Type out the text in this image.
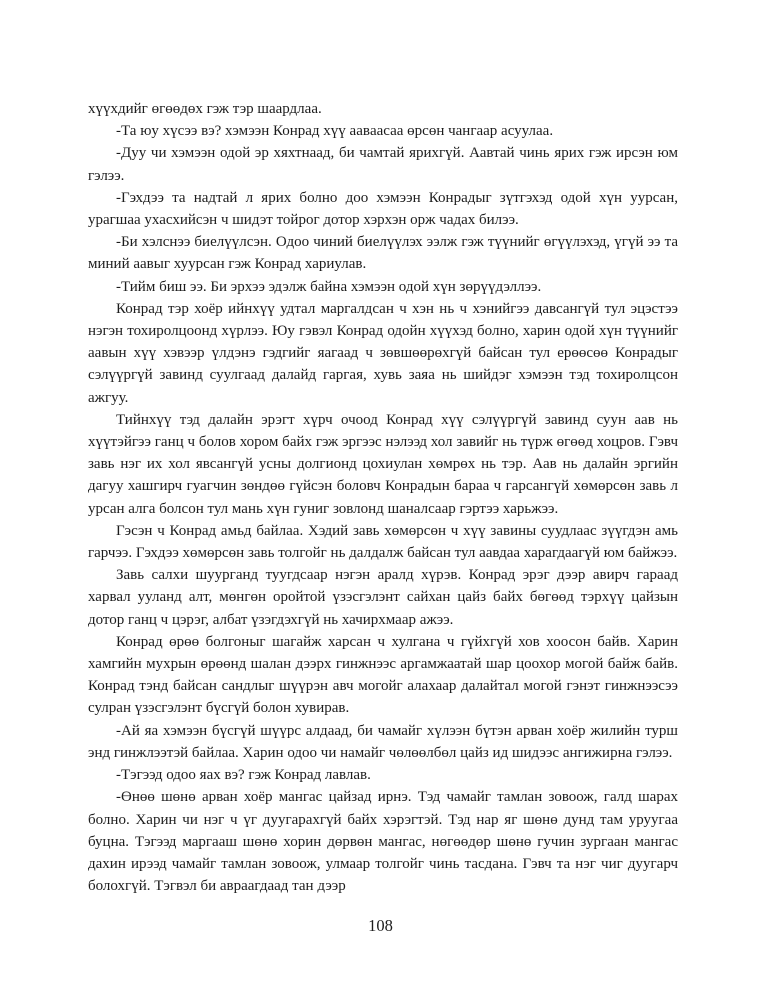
хүүхдийг өгөөдөх гэж тэр шаардлаа.

-Та юу хүсээ вэ? хэмээн Конрад хүү аавaасаа өрсөн чангаар асуулаа.

-Дуу чи хэмээн одой эр хяхтнаад, би чамтай ярихгүй. Аавтай чинь ярих гэж ирсэн юм гэлээ.

-Гэхдээ та надтай л ярих болно доо хэмээн Конрадыг зүтгэхэд одой хүн уурсан, урагшаа ухасхийсэн ч шидэт тойрог дотор хэрхэн орж чадах билээ.

-Би хэлснээ биелүүлсэн. Одоо чиний биелүүлэх ээлж гэж түүнийг өгүүлэхэд, үгүй ээ та миний аавыг хуурсан гэж Конрад хариулав.

-Тийм биш ээ. Би эрхээ эдэлж байна хэмээн одой хүн зөрүүдэллээ.

Конрад тэр хоёр ийнхүү удтал маргалдсан ч хэн нь ч хэнийгээ давсангүй тул эцэстээ нэгэн тохиролцоонд хүрлээ. Юу гэвэл Конрад одойн хүүхэд болно, харин одой хүн түүнийг аавын хүү хэвээр үлдэнэ гэдгийг яагаад ч зөвшөөрөхгүй байсан тул ерөөсөө Конрадыг сэлүүргүй завинд суулгаад далайд гаргая, хувь заяа нь шийдэг хэмээн тэд тохиролцсон ажгуу.

Тийнхүү тэд далайн эрэгт хүрч очоод Конрад хүү сэлүүргүй завинд суун аав нь хүүтэйгээ ганц ч болов хором байх гэж эргээс нэлээд хол завийг нь түрж өгөөд хоцров. Гэвч завь нэг их хол явсангүй усны долгионд цохиулан хөмрөх нь тэр. Аав нь далайн эргийн дагуу хашгирч гуагчин зөндөө гүйсэн боловч Конрадын бараа ч гарсангүй хөмөрсөн завь л урсан алга болсон тул мань хүн гуниг зовлонд шаналсаар гэртээ харьжээ.

Гэсэн ч Конрад амьд байлаа. Хэдий завь хөмөрсөн ч хүү завины суудлаас зүүгдэн амь гарчээ. Гэхдээ хөмөрсөн завь толгойг нь далдалж байсан тул аавдаа харагдаагүй юм байжээ.

Завь салхи шуурганд туугдсаар нэгэн аралд хүрэв. Конрад эрэг дээр авирч гараад харвал ууланд алт, мөнгөн оройтой үзэсгэлэнт сайхан цайз байх бөгөөд тэрхүү цайзын дотор ганц ч цэрэг, албат үзэгдэхгүй нь хачирхмаар ажээ.

Конрад өрөө болгоныг шагайж харсан ч хулгана ч гүйхгүй хов хоосон байв. Харин хамгийн мухрын өрөөнд шалан дээрх гинжнээс аргамжаатай шар цоохор могой байж байв. Конрад тэнд байсан сандлыг шүүрэн авч могойг алахаар далайтал могой гэнэт гинжнээсээ сулран үзэсгэлэнт бүсгүй болон хувирав.

-Ай яа хэмээн бүсгүй шүүрс алдаад, би чамайг хүлээн бүтэн арван хоёр жилийн турш энд гинжлээтэй байлаа. Харин одоо чи намайг чөлөөлбөл цайз ид шидээс ангижирна гэлээ.

-Тэгээд одоо яах вэ? гэж Конрад лавлав.

-Өнөө шөнө арван хоёр мангас цайзад ирнэ. Тэд чамайг тамлан зовоож, галд шарах болно. Харин чи нэг ч үг дуугарахгүй байх хэрэгтэй. Тэд нар яг шөнө дунд там уруугаа буцна. Тэгээд маргааш шөнө хорин дөрвөн мангас, нөгөөдөр шөнө гучин зургаан мангас дахин ирээд чамайг тамлан зовоож, улмаар толгойг чинь тасдана. Гэвч та нэг чиг дуугарч болохгүй. Тэгвэл би авраагдаад тан дээр

108
